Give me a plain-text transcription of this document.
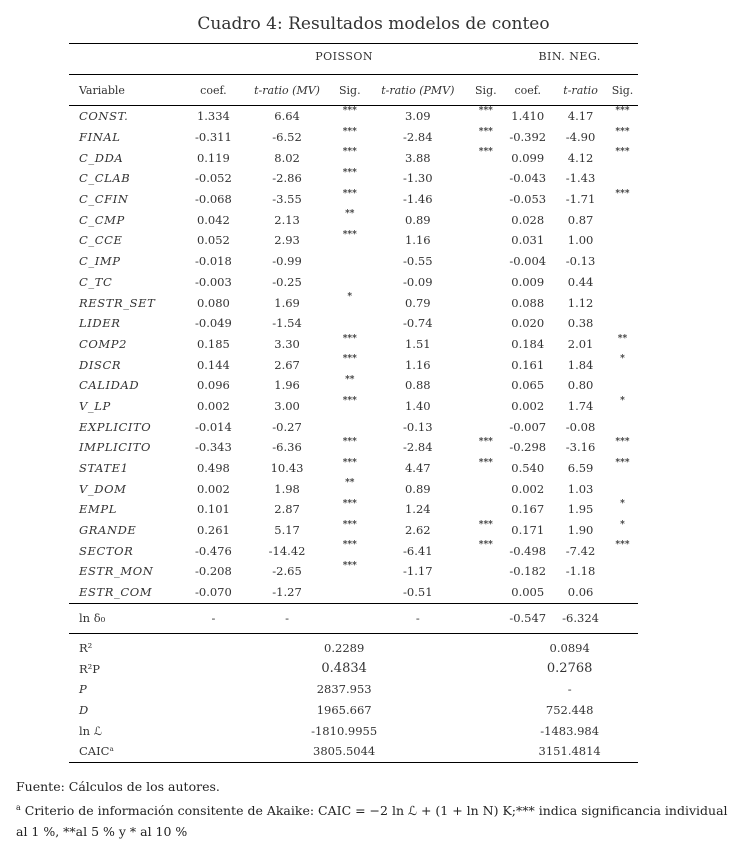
Cuadro 4: Resultados modelos de conteo
	POISSON					BIN. NEG.		
Variable	coef.	t-ratio (MV)	Sig.	t-ratio (PMV)	Sig.	coef.	t-ratio	Sig.
CONST.	1.334	6.64	***	3.09	***	1.410	4.17	***
FINAL	-0.311	-6.52	***	-2.84	***	-0.392	-4.90	***
C_DDA	0.119	8.02	***	3.88	***	0.099	4.12	***
C_CLAB	-0.052	-2.86	***	-1.30		-0.043	-1.43	
C_CFIN	-0.068	-3.55	***	-1.46		-0.053	-1.71	***
C_CMP	0.042	2.13	**	0.89		0.028	0.87	
C_CCE	0.052	2.93	***	1.16		0.031	1.00	
C_IMP	-0.018	-0.99		-0.55		-0.004	-0.13	
C_TC	-0.003	-0.25		-0.09		0.009	0.44	
RESTR_SET	0.080	1.69	*	0.79		0.088	1.12	
LIDER	-0.049	-1.54		-0.74		0.020	0.38	
COMP2	0.185	3.30	***	1.51		0.184	2.01	**
DISCR	0.144	2.67	***	1.16		0.161	1.84	*
CALIDAD	0.096	1.96	**	0.88		0.065	0.80	
V_LP	0.002	3.00	***	1.40		0.002	1.74	*
EXPLICITO	-0.014	-0.27		-0.13		-0.007	-0.08	
IMPLICITO	-0.343	-6.36	***	-2.84	***	-0.298	-3.16	***
STATE1	0.498	10.43	***	4.47	***	0.540	6.59	***
V_DOM	0.002	1.98	**	0.89		0.002	1.03	
EMPL	0.101	2.87	***	1.24		0.167	1.95	*
GRANDE	0.261	5.17	***	2.62	***	0.171	1.90	*
SECTOR	-0.476	-14.42	***	-6.41	***	-0.498	-7.42	***
ESTR_MON	-0.208	-2.65	***	-1.17		-0.182	-1.18	
ESTR_COM	-0.070	-1.27		-0.51		0.005	0.06	
ln δ₀	-	-		-		-0.547	-6.324	
R²	0.2289					0.0894		
R²P	0.4834					0.2768		
P	2837.953					-		
D	1965.667					752.448		
ln ℒ	-1810.9955					-1483.984		
CAICᵃ	3805.5044					3151.4814		
Fuente: Cálculos de los autores.
$^a$ Criterio de información consitente de Akaike: CAIC = −2 ln ℒ + (1 + ln N) K;*** indica significancia individual al 1 %, **al 5 % y * al 10 %
